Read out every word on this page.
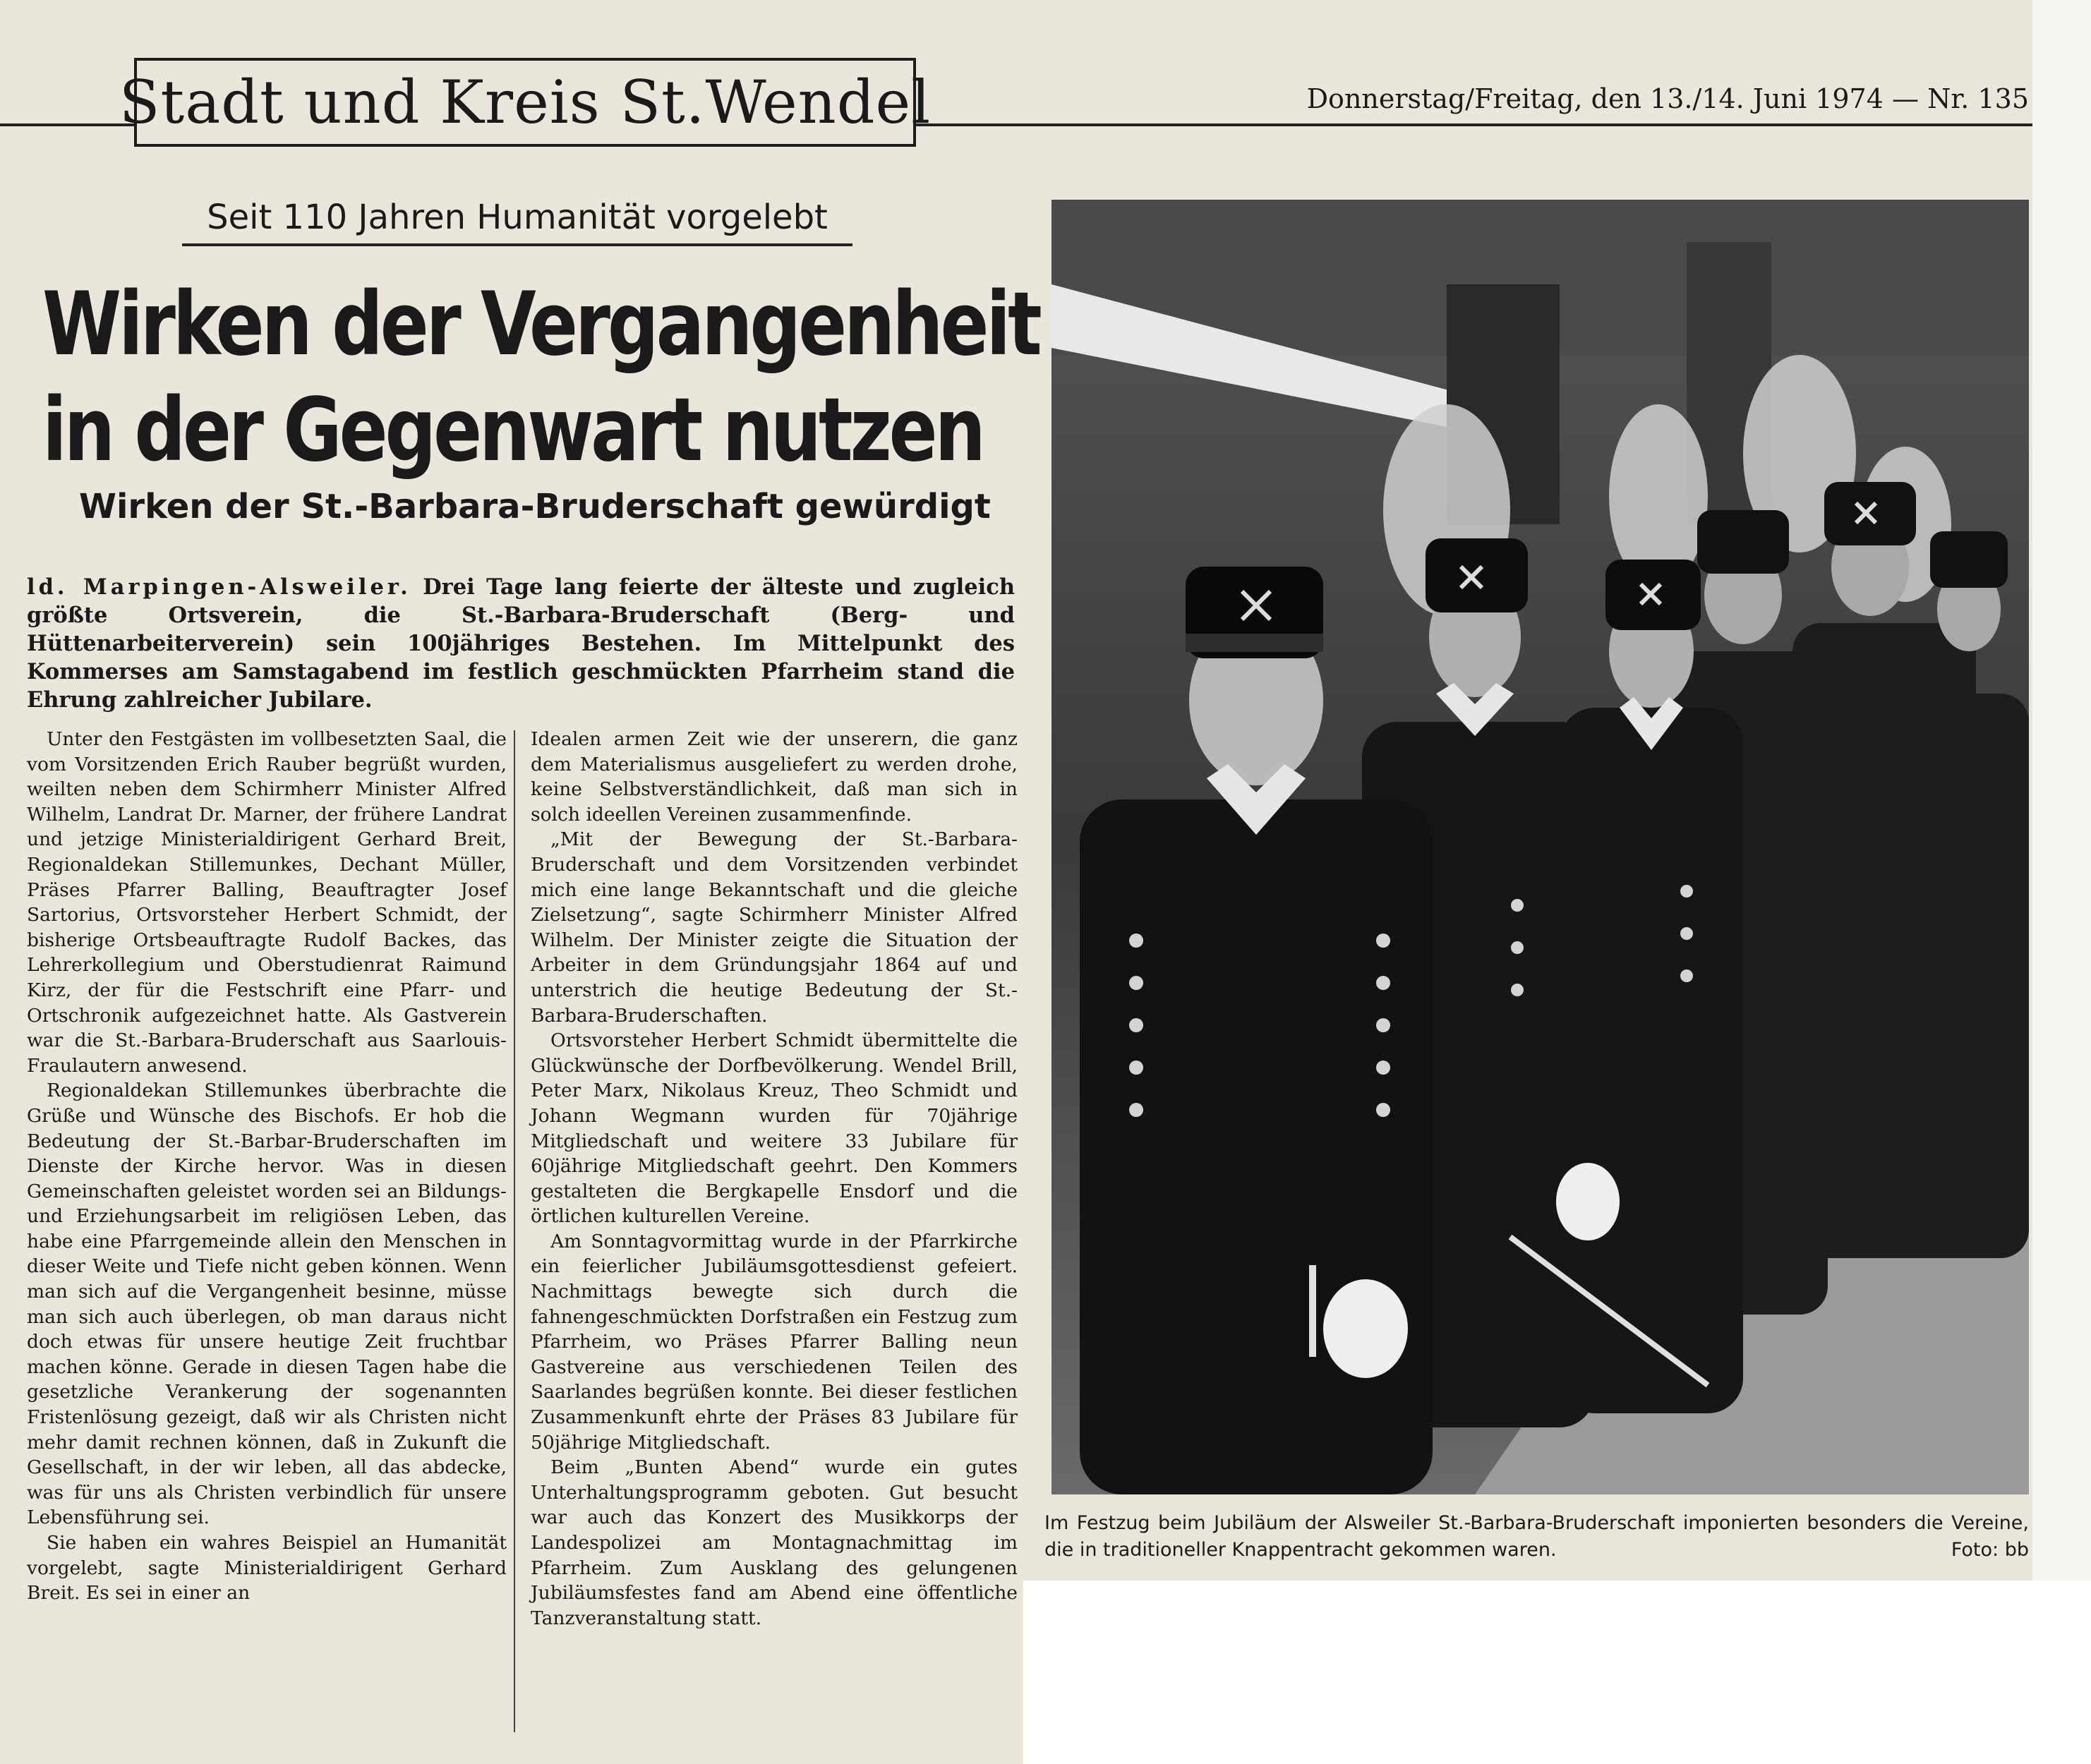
Stadt und Kreis St.Wendel	Donnerstag/Freitag, den 13./14. Juni 1974 — Nr. 135
Seit 110 Jahren Humanität vorgelebt
Wirken der Vergangenheit
in der Gegenwart nutzen
Wirken der St.-Barbara-Bruderschaft gewürdigt
ld. Marpingen-Alsweiler. Drei Tage lang feierte der älteste und zugleich größte Ortsverein, die St.-Barbara-Bruderschaft (Berg- und Hüttenarbeiterverein) sein 100jähriges Bestehen. Im Mittelpunkt des Kommerses am Samstagabend im festlich geschmückten Pfarrheim stand die Ehrung zahlreicher Jubilare.

Unter den Festgästen im vollbesetzten Saal, die vom Vorsitzenden Erich Rauber begrüßt wurden, weilten neben dem Schirmherr Minister Alfred Wilhelm, Landrat Dr. Marner, der frühere Landrat und jetzige Ministerialdirigent Gerhard Breit, Regionaldekan Stillemunkes, Dechant Müller, Präses Pfarrer Balling, Beauftragter Josef Sartorius, Ortsvorsteher Herbert Schmidt, der bisherige Ortsbeauftragte Rudolf Backes, das Lehrerkollegium und Oberstudienrat Raimund Kirz, der für die Festschrift eine Pfarr- und Ortschronik aufgezeichnet hatte. Als Gastverein war die St.-Barbara-Bruderschaft aus Saarlouis-Fraulautern anwesend.

Regionaldekan Stillemunkes überbrachte die Grüße und Wünsche des Bischofs. Er hob die Bedeutung der St.-Barbar-Bruderschaften im Dienste der Kirche hervor. Was in diesen Gemeinschaften geleistet worden sei an Bildungs- und Erziehungsarbeit im religiösen Leben, das habe eine Pfarrgemeinde allein den Menschen in dieser Weite und Tiefe nicht geben können. Wenn man sich auf die Vergangenheit besinne, müsse man sich auch überlegen, ob man daraus nicht doch etwas für unsere heutige Zeit fruchtbar machen könne. Gerade in diesen Tagen habe die gesetzliche Verankerung der sogenannten Fristenlösung gezeigt, daß wir als Christen nicht mehr damit rechnen können, daß in Zukunft die Gesellschaft, in der wir leben, all das abdecke, was für uns als Christen verbindlich für unsere Lebensführung sei.

Sie haben ein wahres Beispiel an Humanität vorgelebt, sagte Ministerialdirigent Gerhard Breit. Es sei in einer an

Idealen armen Zeit wie der unserern, die ganz dem Materialismus ausgeliefert zu werden drohe, keine Selbstverständlichkeit, daß man sich in solch ideellen Vereinen zusammenfinde.

„Mit der Bewegung der St.-Barbara-Bruderschaft und dem Vorsitzenden verbindet mich eine lange Bekanntschaft und die gleiche Zielsetzung“, sagte Schirmherr Minister Alfred Wilhelm. Der Minister zeigte die Situation der Arbeiter in dem Gründungsjahr 1864 auf und unterstrich die heutige Bedeutung der St.-Barbara-Bruderschaften.

Ortsvorsteher Herbert Schmidt übermittelte die Glückwünsche der Dorfbevölkerung. Wendel Brill, Peter Marx, Nikolaus Kreuz, Theo Schmidt und Johann Wegmann wurden für 70jährige Mitgliedschaft und weitere 33 Jubilare für 60jährige Mitgliedschaft geehrt. Den Kommers gestalteten die Bergkapelle Ensdorf und die örtlichen kulturellen Vereine.

Am Sonntagvormittag wurde in der Pfarrkirche ein feierlicher Jubiläumsgottesdienst gefeiert. Nachmittags bewegte sich durch die fahnengeschmückten Dorfstraßen ein Festzug zum Pfarrheim, wo Präses Pfarrer Balling neun Gastvereine aus verschiedenen Teilen des Saarlandes begrüßen konnte. Bei dieser festlichen Zusammenkunft ehrte der Präses 83 Jubilare für 50jährige Mitgliedschaft.

Beim „Bunten Abend“ wurde ein gutes Unterhaltungsprogramm geboten. Gut besucht war auch das Konzert des Musikkorps der Landespolizei am Montagnachmittag im Pfarrheim. Zum Ausklang des gelungenen Jubiläumsfestes fand am Abend eine öffentliche Tanzveranstaltung statt.

Im Festzug beim Jubiläum der Alsweiler St.-Barbara-Bruderschaft imponierten besonders die Vereine, die in traditioneller Knappentracht gekommen waren.	Foto: bb
